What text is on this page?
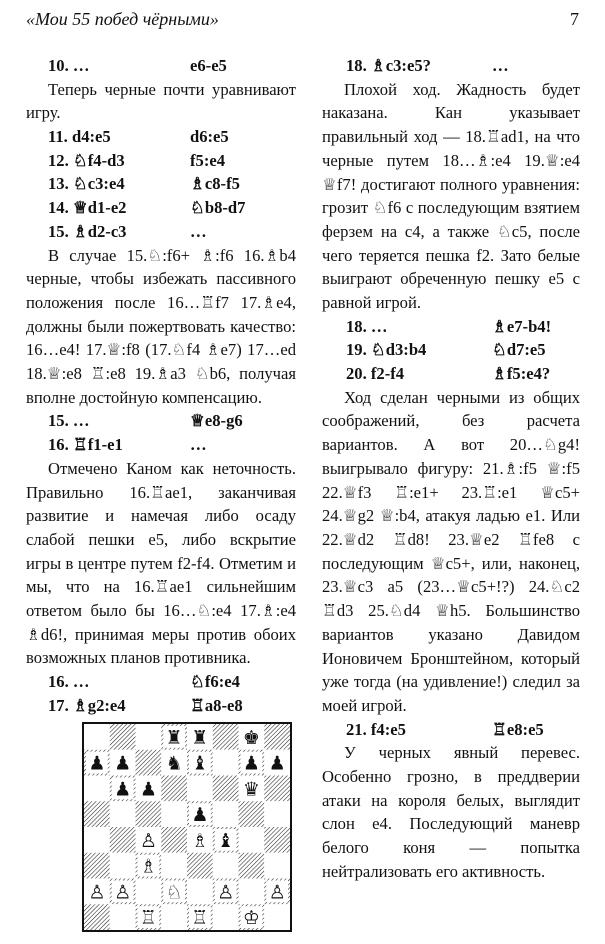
«Мои 55 побед чёрными»	7
10. …	e6-e5
Теперь черные почти уравнивают игру.
11. d4:e5	d6:e5
12. ♘f4-d3	f5:e4
13. ♘c3:e4	♗c8-f5
14. ♕d1-e2	♘b8-d7
15. ♗d2-c3	…
В случае 15.♘:f6+ ♗:f6 16.♗b4 черные, чтобы избежать пассивного положения после 16…♖f7 17.♗e4, должны были пожертвовать качество: 16…e4! 17.♕:f8 (17.♘f4 ♗e7) 17…ed 18.♕:e8 ♖:e8 19.♗a3 ♘b6, получая вполне достойную компенсацию.
15. …	♕e8-g6
16. ♖f1-e1	…
Отмечено Каном как неточность. Правильно 16.♖ae1, заканчивая развитие и намечая либо осаду слабой пешки e5, либо вскрытие игры в центре путем f2-f4. Отметим и мы, что на 16.♖ae1 сильнейшим ответом было бы 16…♘:e4 17.♗:e4 ♗d6!, принимая меры против обоих возможных планов противника.
16. …	♘f6:e4
17. ♗g2:e4	♖a8-e8
18. ♗c3:e5?	…
Плохой ход. Жадность будет наказана. Кан указывает правильный ход — 18.♖ad1, на что черные путем 18…♗:e4 19.♕:e4 ♕f7! достигают полного уравнения: грозит ♘f6 с последующим взятием ферзем на c4, а также ♘c5, после чего теряется пешка f2. Зато белые выиграют обреченную пешку e5 с равной игрой.
18. …	♗e7-b4!
19. ♘d3:b4	♘d7:e5
20. f2-f4	♗f5:e4?
Ход сделан черными из общих соображений, без расчета вариантов. А вот 20…♘g4! выигрывало фигуру: 21.♗:f5 ♕:f5 22.♕f3 ♖:e1+ 23.♖:e1 ♕c5+ 24.♕g2 ♕:b4, атакуя ладью e1. Или 22.♕d2 ♖d8! 23.♕e2 ♖fe8 с последующим ♕c5+, или, наконец, 23.♕c3 a5 (23…♕c5+!?) 24.♘c2 ♖d3 25.♘d4 ♕h5. Большинство вариантов указано Давидом Ионовичем Бронштейном, который уже тогда (на удивление!) следил за моей игрой.
21. f4:e5	♖e8:e5
У черных явный перевес. Особенно грозно, в преддверии атаки на короля белых, выглядит слон e4. Последующий маневр белого коня — попытка нейтрализовать его активность.
♜ ♜ ♚
♟ ♟ ♞ ♝ ♟ ♟
♟ ♟	♛
♟
♙ ♗ ♝
♗
♙ ♙ ♘ ♙ ♙
♖ ♖ ♔
